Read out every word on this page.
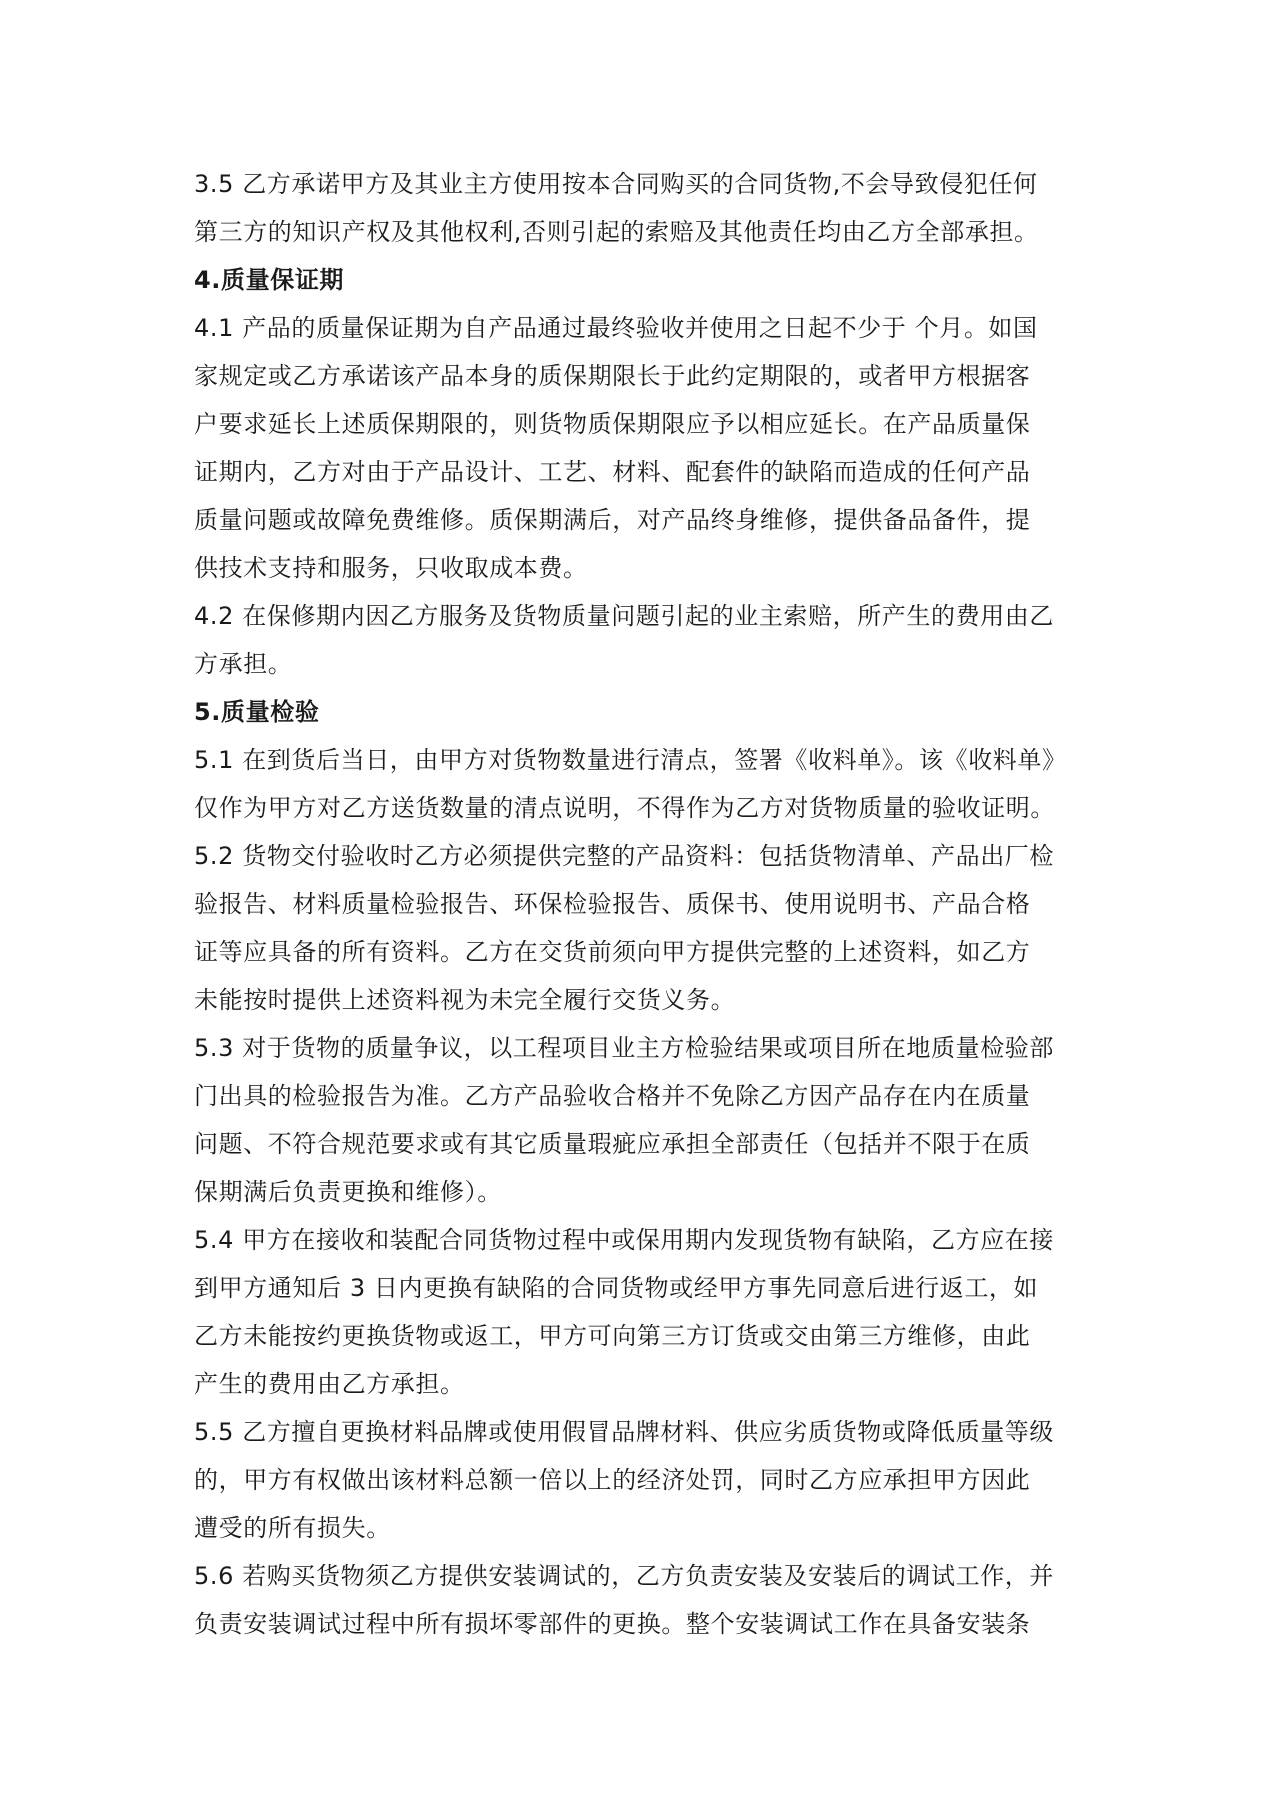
3.5 乙方承诺甲方及其业主方使用按本合同购买的合同货物,不会导致侵犯任何
第三方的知识产权及其他权利,否则引起的索赔及其他责任均由乙方全部承担。
4.质量保证期
4.1 产品的质量保证期为自产品通过最终验收并使用之日起不少于 个月。如国
家规定或乙方承诺该产品本身的质保期限长于此约定期限的，或者甲方根据客
户要求延长上述质保期限的，则货物质保期限应予以相应延长。在产品质量保
证期内，乙方对由于产品设计、工艺、材料、配套件的缺陷而造成的任何产品
质量问题或故障免费维修。质保期满后，对产品终身维修，提供备品备件，提
供技术支持和服务，只收取成本费。
4.2 在保修期内因乙方服务及货物质量问题引起的业主索赔，所产生的费用由乙
方承担。
5.质量检验
5.1 在到货后当日，由甲方对货物数量进行清点，签署《收料单》。该《收料单》
仅作为甲方对乙方送货数量的清点说明，不得作为乙方对货物质量的验收证明。
5.2 货物交付验收时乙方必须提供完整的产品资料：包括货物清单、产品出厂检
验报告、材料质量检验报告、环保检验报告、质保书、使用说明书、产品合格
证等应具备的所有资料。乙方在交货前须向甲方提供完整的上述资料，如乙方
未能按时提供上述资料视为未完全履行交货义务。
5.3 对于货物的质量争议，以工程项目业主方检验结果或项目所在地质量检验部
门出具的检验报告为准。乙方产品验收合格并不免除乙方因产品存在内在质量
问题、不符合规范要求或有其它质量瑕疵应承担全部责任（包括并不限于在质
保期满后负责更换和维修）。
5.4 甲方在接收和装配合同货物过程中或保用期内发现货物有缺陷，乙方应在接
到甲方通知后 3 日内更换有缺陷的合同货物或经甲方事先同意后进行返工，如
乙方未能按约更换货物或返工，甲方可向第三方订货或交由第三方维修，由此
产生的费用由乙方承担。
5.5 乙方擅自更换材料品牌或使用假冒品牌材料、供应劣质货物或降低质量等级
的，甲方有权做出该材料总额一倍以上的经济处罚，同时乙方应承担甲方因此
遭受的所有损失。
5.6 若购买货物须乙方提供安装调试的，乙方负责安装及安装后的调试工作，并
负责安装调试过程中所有损坏零部件的更换。整个安装调试工作在具备安装条
